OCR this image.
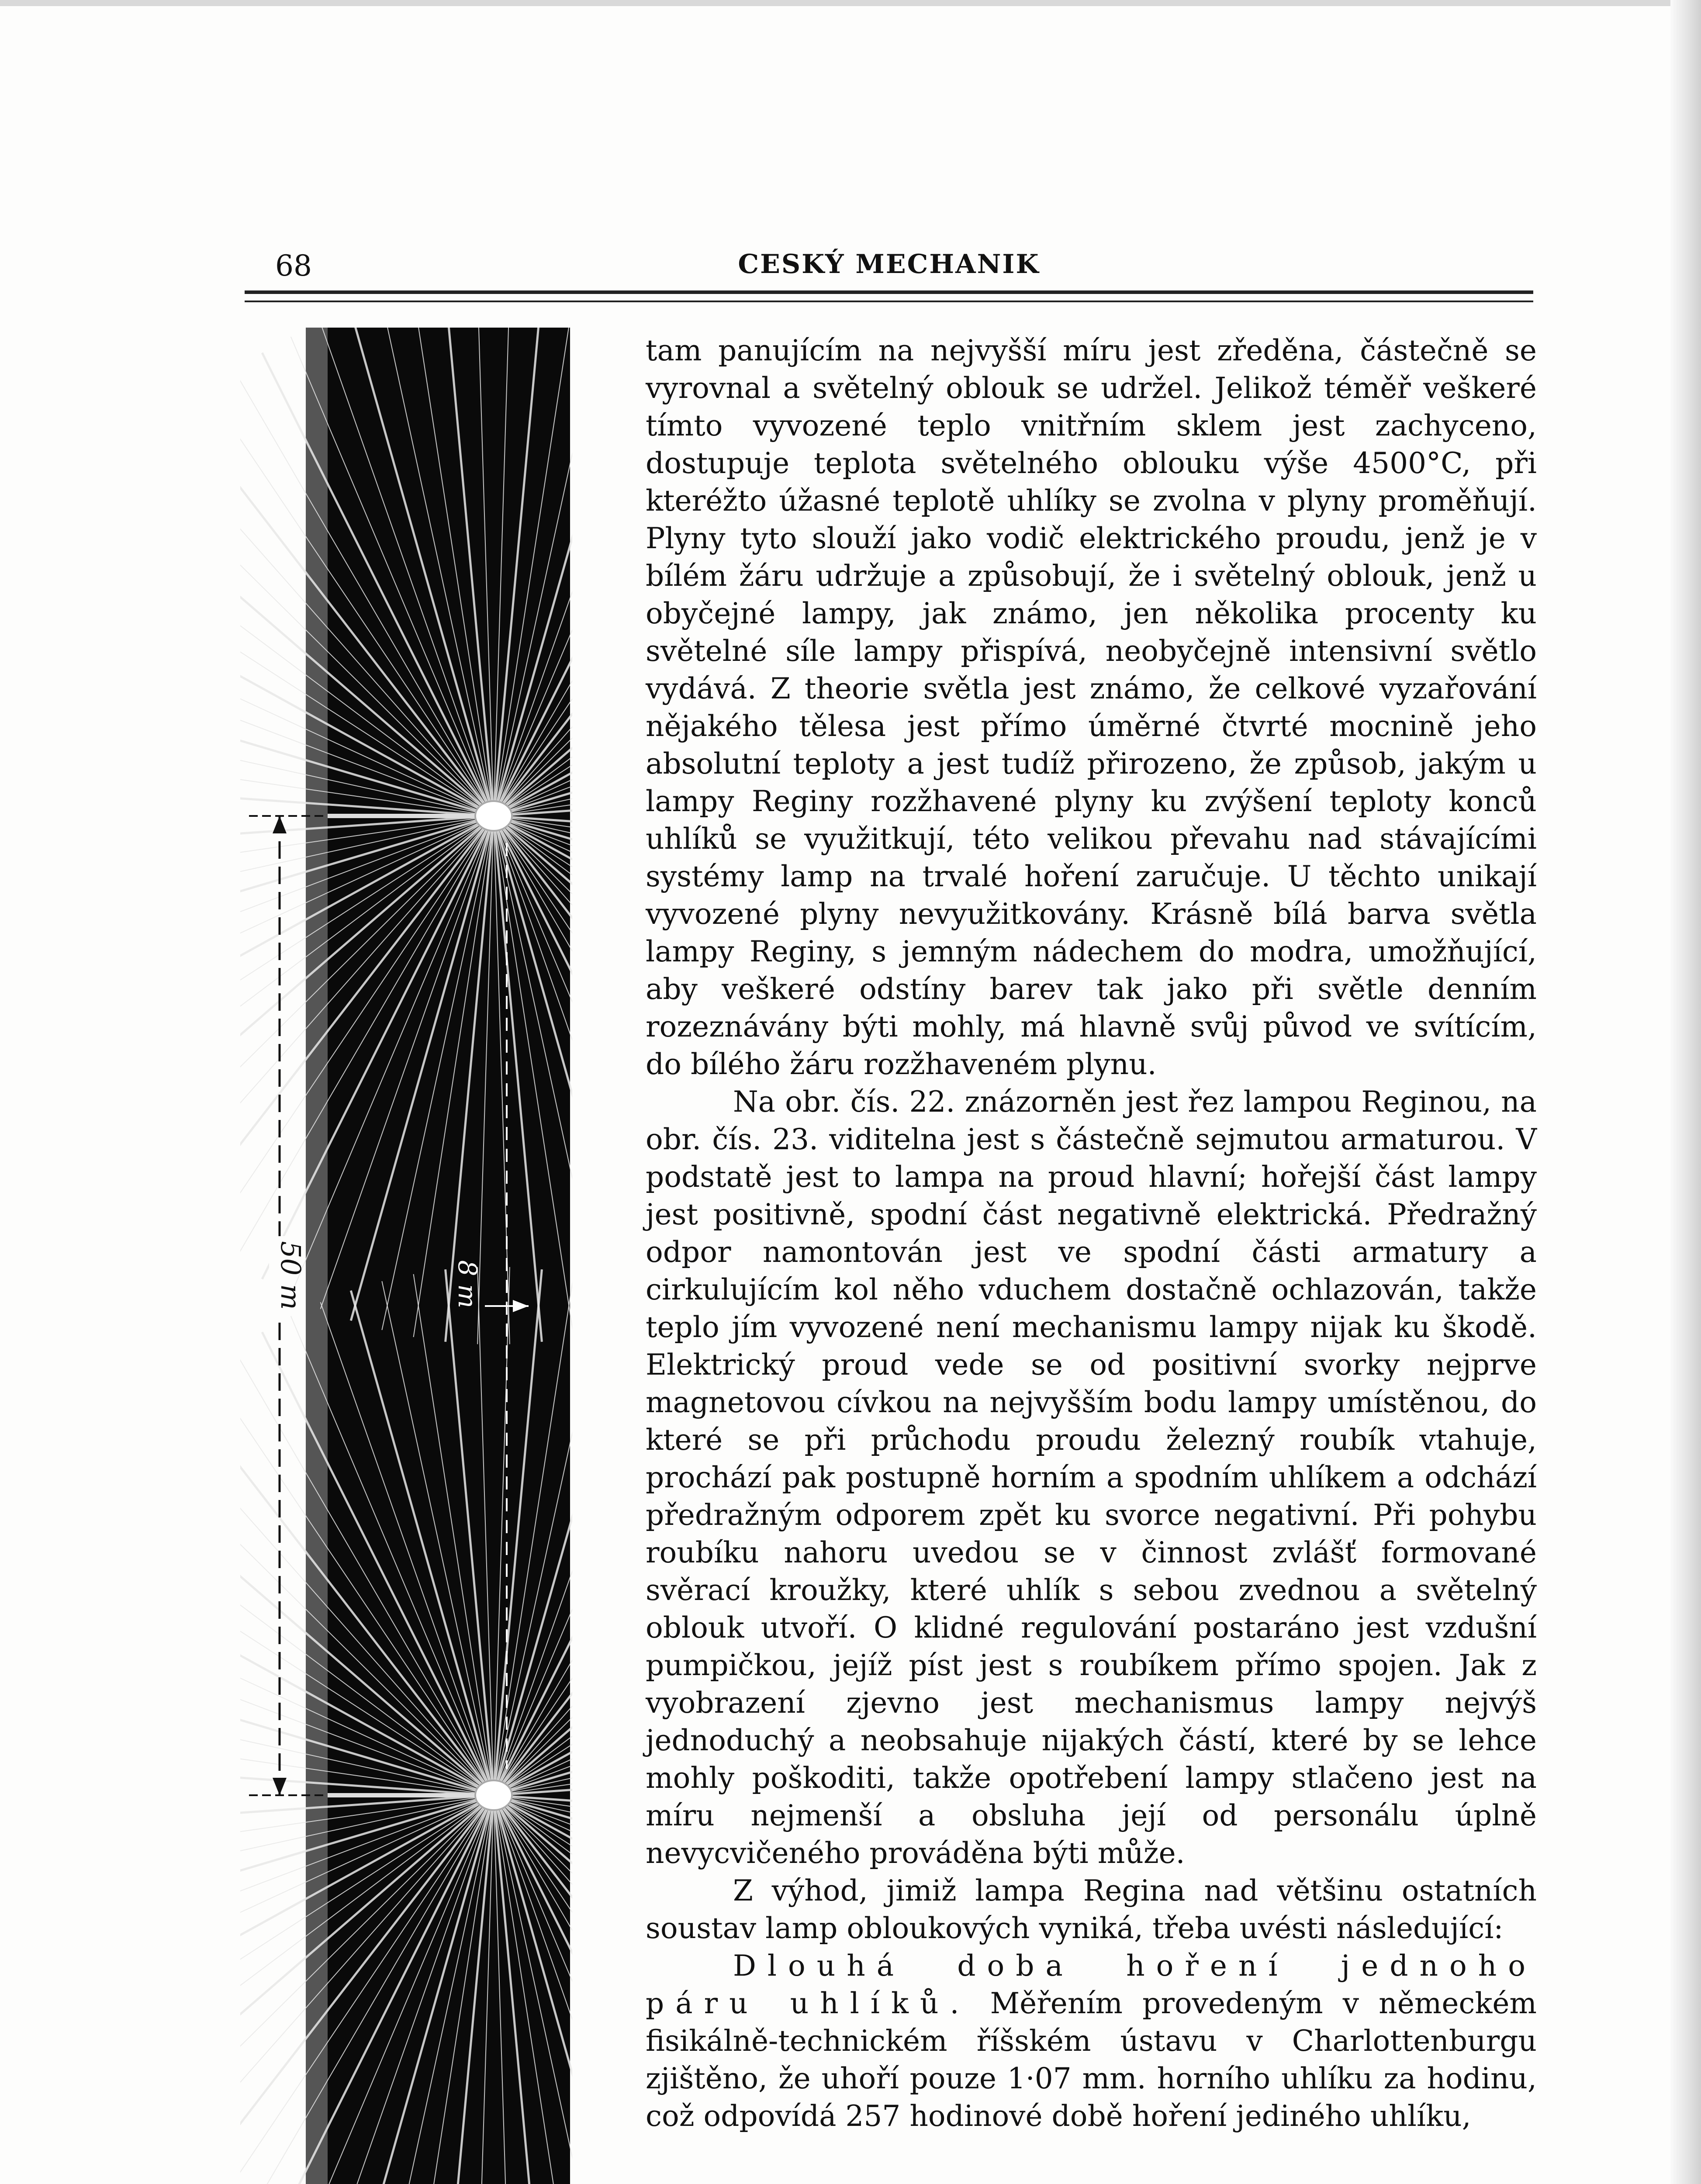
68	CESKÝ MECHANIK
50 m	8 m

tam panujícím na nejvyšší míru jest zředěna, částečně se vyrovnal a světelný oblouk se udržel. Jelikož téměř veškeré tímto vyvozené teplo vnitřním sklem jest zachyceno, dostupuje teplota světelného oblouku výše 4500°C, při kteréžto úžasné teplotě uhlíky se zvolna v plyny proměňují. Plyny tyto slouží jako vodič elektrického proudu, jenž je v bílém žáru udržuje a způsobují, že i světelný oblouk, jenž u obyčejné lampy, jak známo, jen několika procenty ku světelné síle lampy přispívá, neobyčejně intensivní světlo vydává. Z theorie světla jest známo, že celkové vyzařování nějakého tělesa jest přímo úměrné čtvrté mocnině jeho absolutní teploty a jest tudíž přirozeno, že způsob, jakým u lampy Reginy rozžhavené plyny ku zvýšení teploty konců uhlíků se využitkují, této velikou převahu nad stávajícími systémy lamp na trvalé hoření zaručuje. U těchto unikají vyvozené plyny nevyužitkovány. Krásně bílá barva světla lampy Reginy, s jemným nádechem do modra, umožňující, aby veškeré odstíny barev tak jako při světle denním rozeznávány býti mohly, má hlavně svůj původ ve svítícím, do bílého žáru rozžhaveném plynu.

Na obr. čís. 22. znázorněn jest řez lampou Reginou, na obr. čís. 23. viditelna jest s částečně sejmutou armaturou. V podstatě jest to lampa na proud hlavní; hořejší část lampy jest positivně, spodní část negativně elektrická. Předražný odpor namontován jest ve spodní části armatury a cirkulujícím kol něho vduchem dostačně ochlazován, takže teplo jím vyvozené není mechanismu lampy nijak ku škodě. Elektrický proud vede se od positivní svorky nejprve magnetovou cívkou na nejvyšším bodu lampy umístěnou, do které se při průchodu proudu železný roubík vtahuje, prochází pak postupně horním a spodním uhlíkem a odchází předražným odporem zpět ku svorce negativní. Při pohybu roubíku nahoru uvedou se v činnost zvlášť formované svěrací kroužky, které uhlík s sebou zvednou a světelný oblouk utvoří. O klidné regulování postaráno jest vzdušní pumpičkou, jejíž píst jest s roubíkem přímo spojen. Jak z vyobrazení zjevno jest mechanismus lampy nejvýš jednoduchý a neobsahuje nijakých částí, které by se lehce mohly poškoditi, takže opotřebení lampy stlačeno jest na míru nejmenší a obsluha její od personálu úplně nevycvičeného prováděna býti může.

Z výhod, jimiž lampa Regina nad většinu ostatních soustav lamp obloukových vyniká, třeba uvésti následující:

Dlouhá doba hoření jednoho páru uhlíků. Měřením provedeným v německém fisikálně-technickém říšském ústavu v Charlottenburgu zjištěno, že uhoří pouze 1·07 mm. horního uhlíku za hodinu, což odpovídá 257 hodinové době hoření jediného uhlíku,
